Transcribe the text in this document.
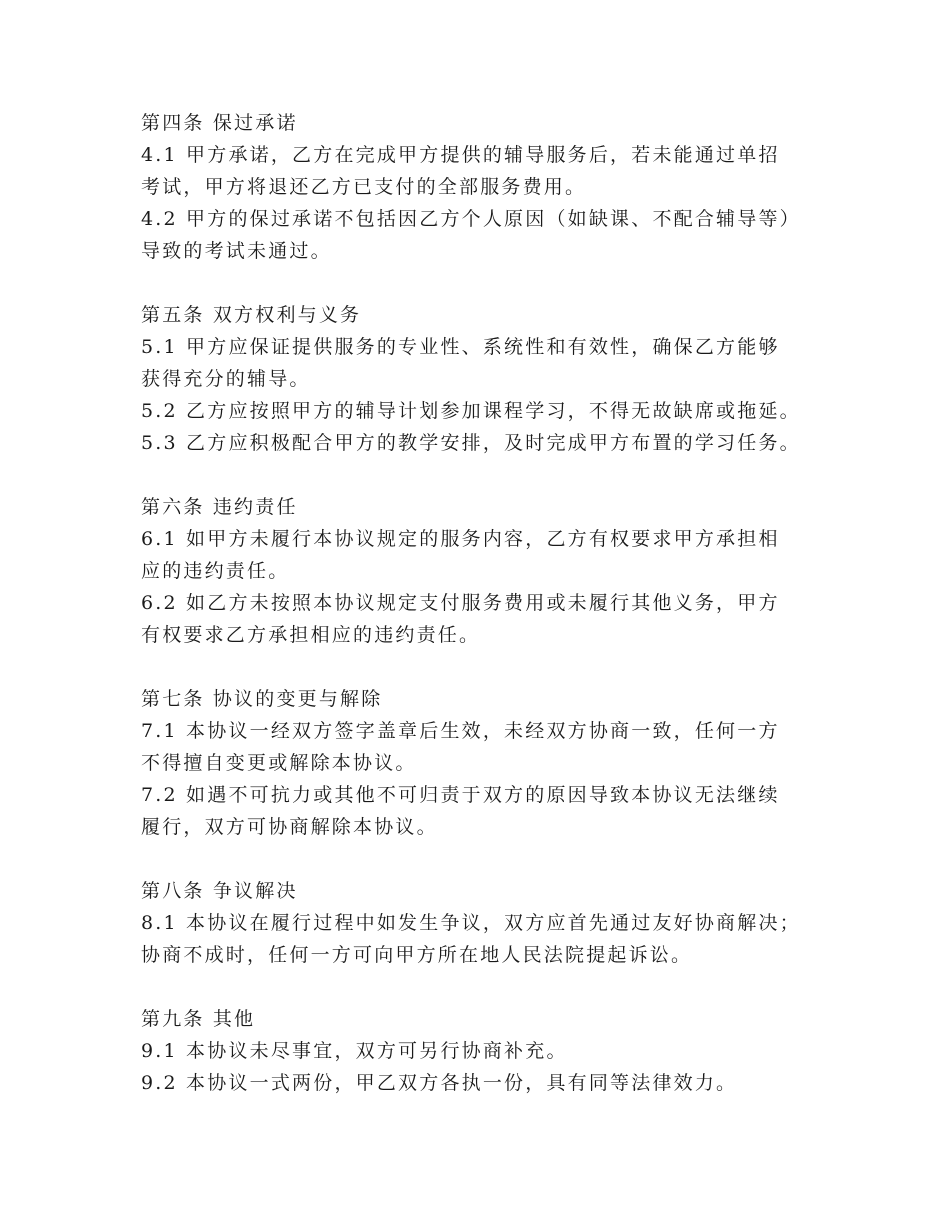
第四条 保过承诺
4.1 甲方承诺，乙方在完成甲方提供的辅导服务后，若未能通过单招
考试，甲方将退还乙方已支付的全部服务费用。
4.2 甲方的保过承诺不包括因乙方个人原因（如缺课、不配合辅导等）
导致的考试未通过。
第五条 双方权利与义务
5.1 甲方应保证提供服务的专业性、系统性和有效性，确保乙方能够
获得充分的辅导。
5.2 乙方应按照甲方的辅导计划参加课程学习，不得无故缺席或拖延。
5.3 乙方应积极配合甲方的教学安排，及时完成甲方布置的学习任务。
第六条 违约责任
6.1 如甲方未履行本协议规定的服务内容，乙方有权要求甲方承担相
应的违约责任。
6.2 如乙方未按照本协议规定支付服务费用或未履行其他义务，甲方
有权要求乙方承担相应的违约责任。
第七条 协议的变更与解除
7.1 本协议一经双方签字盖章后生效，未经双方协商一致，任何一方
不得擅自变更或解除本协议。
7.2 如遇不可抗力或其他不可归责于双方的原因导致本协议无法继续
履行，双方可协商解除本协议。
第八条 争议解决
8.1 本协议在履行过程中如发生争议，双方应首先通过友好协商解决；
协商不成时，任何一方可向甲方所在地人民法院提起诉讼。
第九条 其他
9.1 本协议未尽事宜，双方可另行协商补充。
9.2 本协议一式两份，甲乙双方各执一份，具有同等法律效力。
